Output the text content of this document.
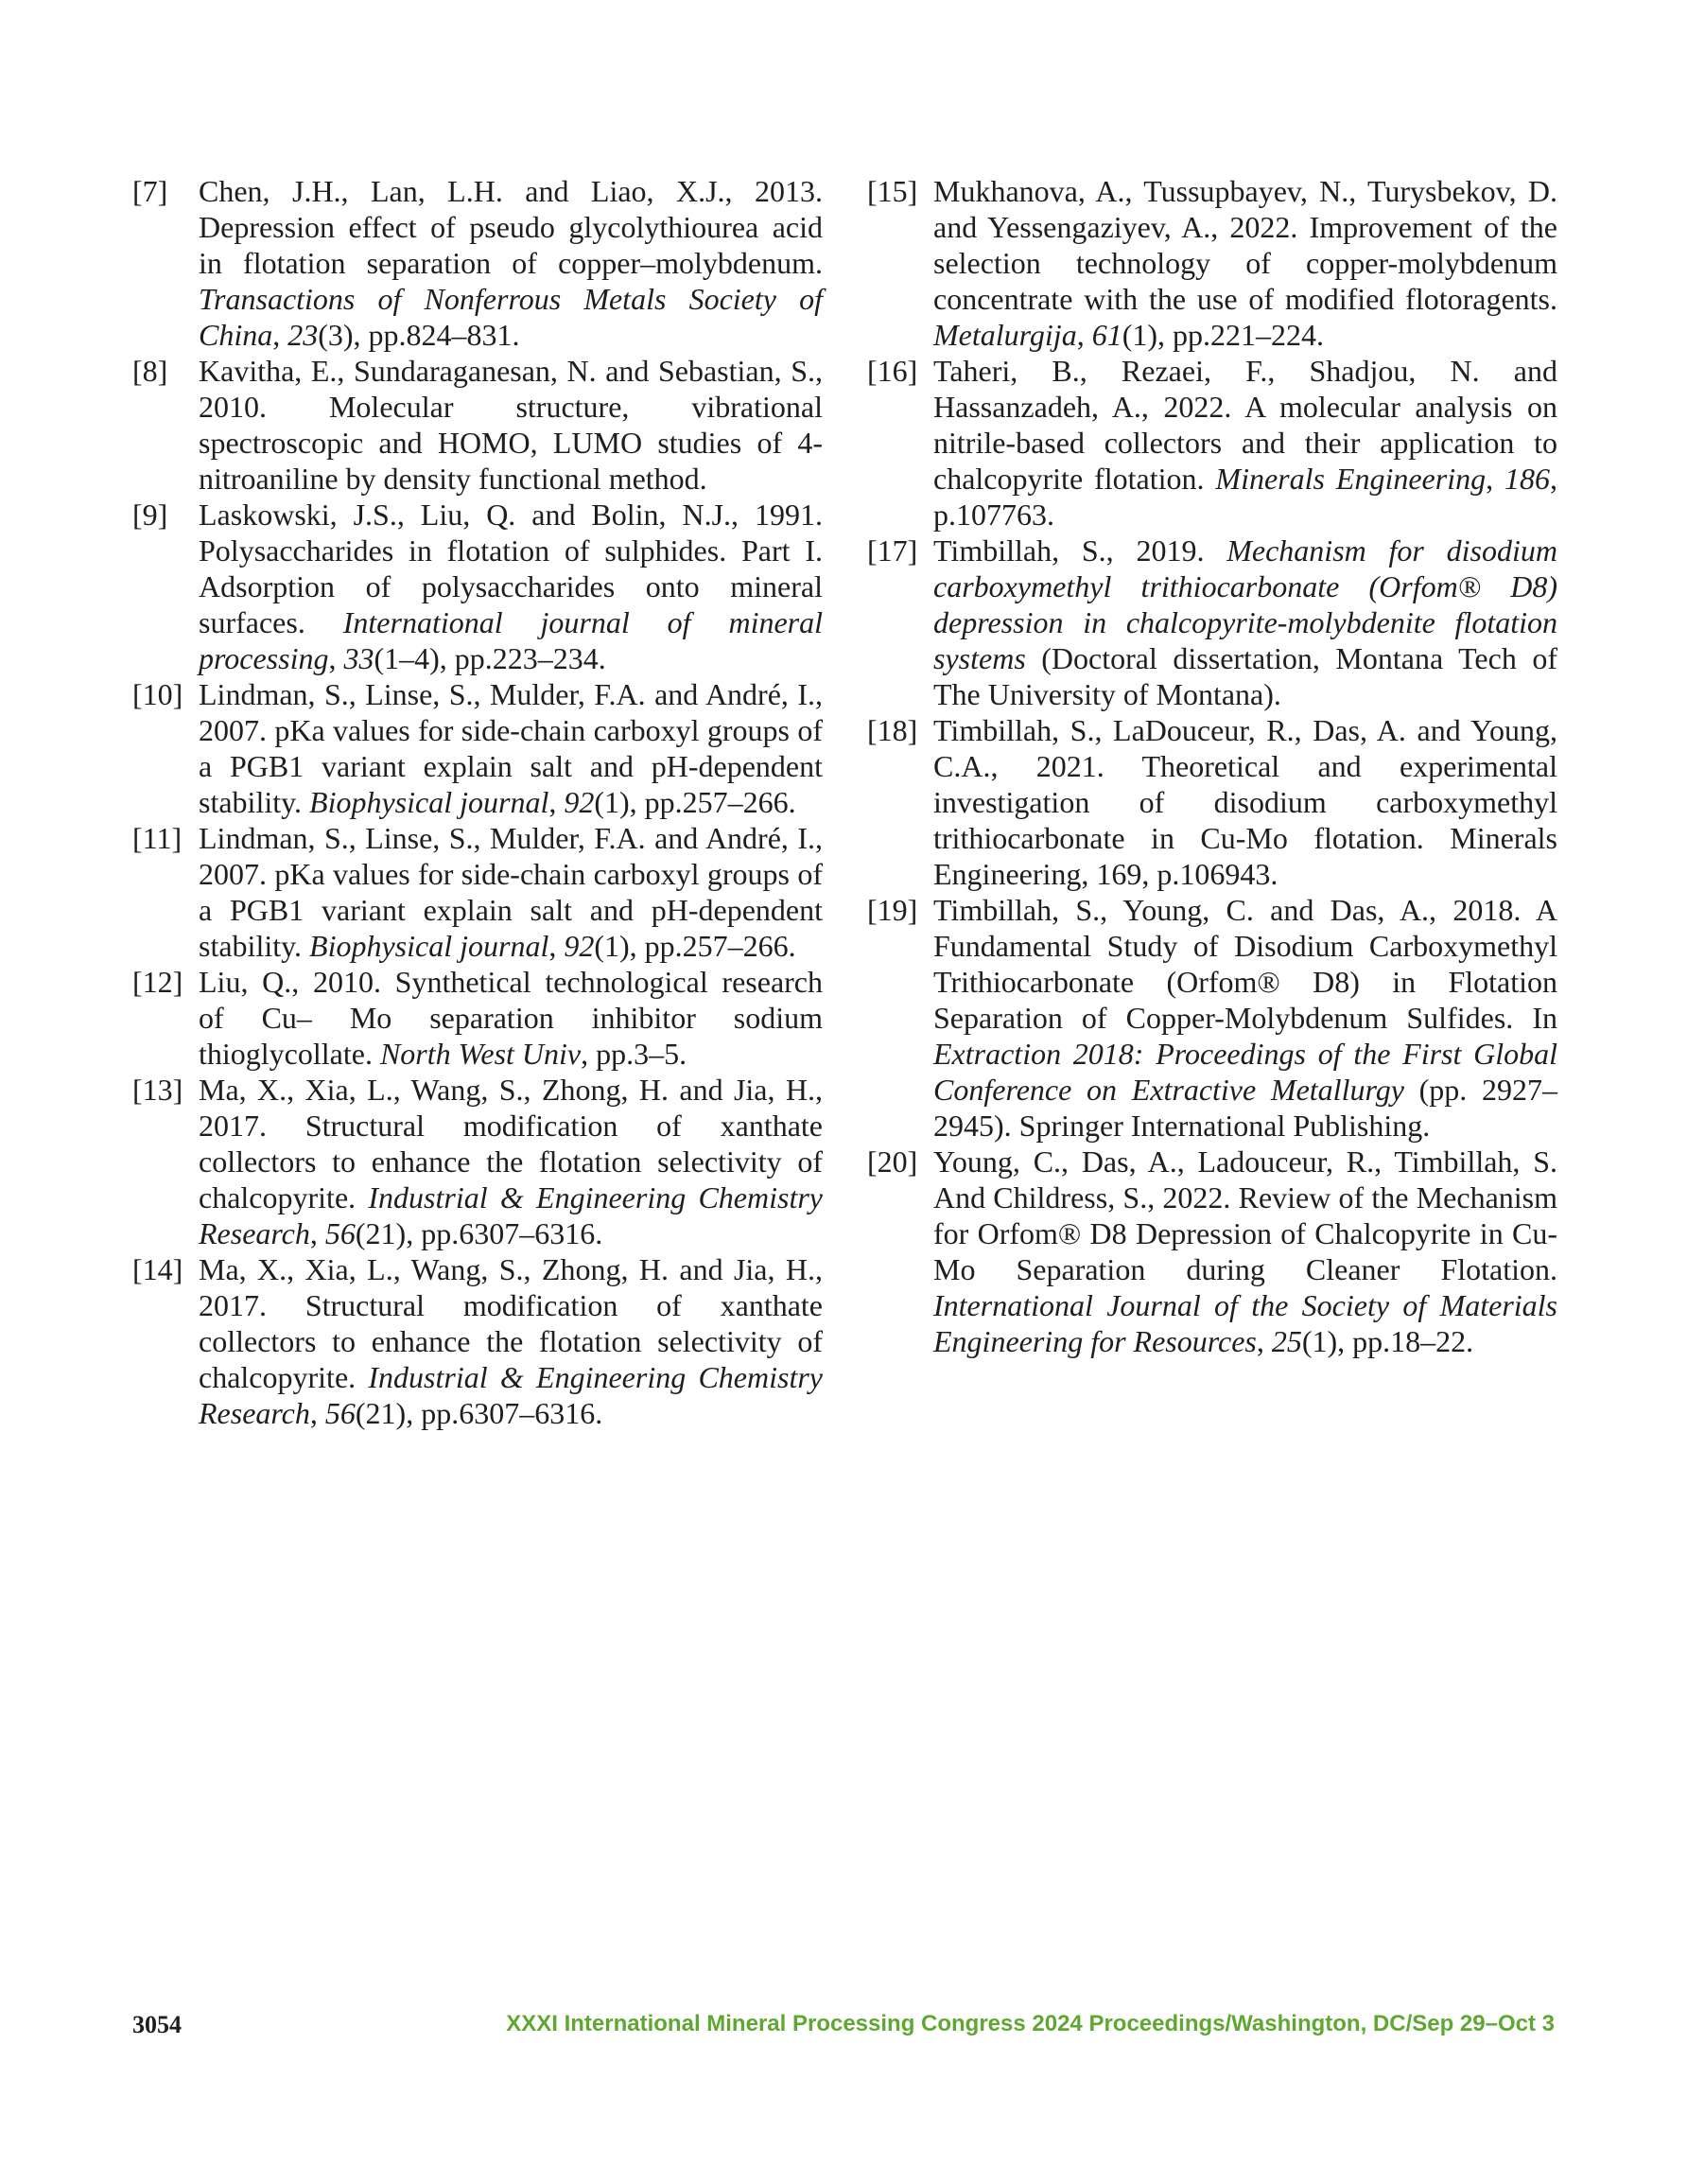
[7] Chen, J.H., Lan, L.H. and Liao, X.J., 2013. Depression effect of pseudo glycolythiourea acid in flotation separation of copper–molybdenum. Transactions of Nonferrous Metals Society of China, 23(3), pp.824–831.

[8] Kavitha, E., Sundaraganesan, N. and Sebastian, S., 2010. Molecular structure, vibrational spectroscopic and HOMO, LUMO studies of 4-nitroaniline by density functional method.

[9] Laskowski, J.S., Liu, Q. and Bolin, N.J., 1991. Polysaccharides in flotation of sulphides. Part I. Adsorption of polysaccharides onto mineral surfaces. International journal of mineral processing, 33(1–4), pp.223–234.

[10] Lindman, S., Linse, S., Mulder, F.A. and André, I., 2007. pKa values for side-chain carboxyl groups of a PGB1 variant explain salt and pH-dependent stability. Biophysical journal, 92(1), pp.257–266.

[11] Lindman, S., Linse, S., Mulder, F.A. and André, I., 2007. pKa values for side-chain carboxyl groups of a PGB1 variant explain salt and pH-dependent stability. Biophysical journal, 92(1), pp.257–266.

[12] Liu, Q., 2010. Synthetical technological research of Cu– Mo separation inhibitor sodium thioglycollate. North West Univ, pp.3–5.

[13] Ma, X., Xia, L., Wang, S., Zhong, H. and Jia, H., 2017. Structural modification of xanthate collectors to enhance the flotation selectivity of chalcopyrite. Industrial & Engineering Chemistry Research, 56(21), pp.6307–6316.

[14] Ma, X., Xia, L., Wang, S., Zhong, H. and Jia, H., 2017. Structural modification of xanthate collectors to enhance the flotation selectivity of chalcopyrite. Industrial & Engineering Chemistry Research, 56(21), pp.6307–6316.

[15] Mukhanova, A., Tussupbayev, N., Turysbekov, D. and Yessengaziyev, A., 2022. Improvement of the selection technology of copper-molybdenum concentrate with the use of modified flotoragents. Metalurgija, 61(1), pp.221–224.

[16] Taheri, B., Rezaei, F., Shadjou, N. and Hassanzadeh, A., 2022. A molecular analysis on nitrile-based collectors and their application to chalcopyrite flotation. Minerals Engineering, 186, p.107763.

[17] Timbillah, S., 2019. Mechanism for disodium carboxymethyl trithiocarbonate (Orfom® D8) depression in chalcopyrite-molybdenite flotation systems (Doctoral dissertation, Montana Tech of The University of Montana).

[18] Timbillah, S., LaDouceur, R., Das, A. and Young, C.A., 2021. Theoretical and experimental investigation of disodium carboxymethyl trithiocarbonate in Cu-Mo flotation. Minerals Engineering, 169, p.106943.

[19] Timbillah, S., Young, C. and Das, A., 2018. A Fundamental Study of Disodium Carboxymethyl Trithiocarbonate (Orfom® D8) in Flotation Separation of Copper-Molybdenum Sulfides. In Extraction 2018: Proceedings of the First Global Conference on Extractive Metallurgy (pp. 2927–2945). Springer International Publishing.

[20] Young, C., Das, A., Ladouceur, R., Timbillah, S. And Childress, S., 2022. Review of the Mechanism for Orfom® D8 Depression of Chalcopyrite in Cu-Mo Separation during Cleaner Flotation. International Journal of the Society of Materials Engineering for Resources, 25(1), pp.18–22.

3054	XXXI International Mineral Processing Congress 2024 Proceedings/Washington, DC/Sep 29–Oct 3
